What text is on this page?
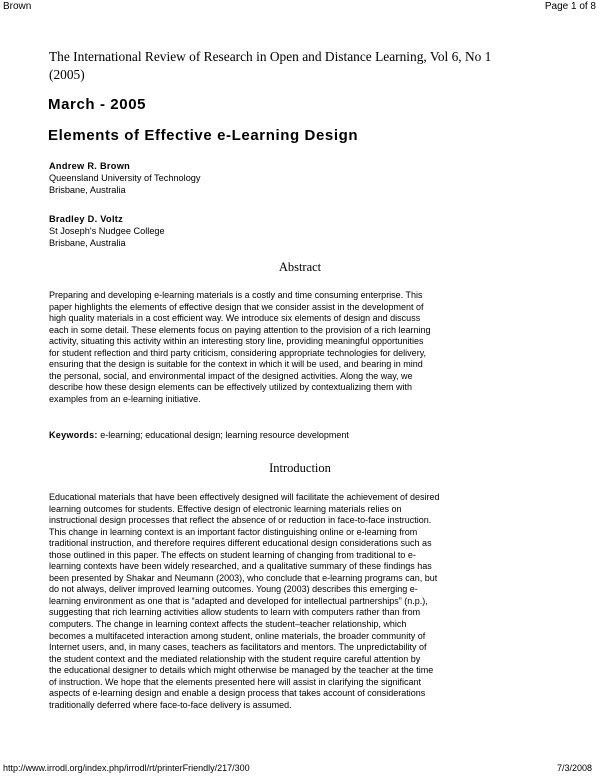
Brown	Page 1 of 8
The International Review of Research in Open and Distance Learning, Vol 6, No 1
(2005)
March - 2005
Elements of Effective e-Learning Design
Andrew R. Brown
Queensland University of Technology
Brisbane, Australia
Bradley D. Voltz
St Joseph's Nudgee College
Brisbane, Australia
Abstract
Preparing and developing e-learning materials is a costly and time consuming enterprise. This
paper highlights the elements of effective design that we consider assist in the development of
high quality materials in a cost efficient way. We introduce six elements of design and discuss
each in some detail. These elements focus on paying attention to the provision of a rich learning
activity, situating this activity within an interesting story line, providing meaningful opportunities
for student reflection and third party criticism, considering appropriate technologies for delivery,
ensuring that the design is suitable for the context in which it will be used, and bearing in mind
the personal, social, and environmental impact of the designed activities. Along the way, we
describe how these design elements can be effectively utilized by contextualizing them with
examples from an e-learning initiative.
Keywords: e-learning; educational design; learning resource development
Introduction
Educational materials that have been effectively designed will facilitate the achievement of desired
learning outcomes for students. Effective design of electronic learning materials relies on
instructional design processes that reflect the absence of or reduction in face-to-face instruction.
This change in learning context is an important factor distinguishing online or e-learning from
traditional instruction, and therefore requires different educational design considerations such as
those outlined in this paper. The effects on student learning of changing from traditional to e-
learning contexts have been widely researched, and a qualitative summary of these findings has
been presented by Shakar and Neumann (2003), who conclude that e-learning programs can, but
do not always, deliver improved learning outcomes. Young (2003) describes this emerging e-
learning environment as one that is “adapted and developed for intellectual partnerships” (n.p.),
suggesting that rich learning activities allow students to learn with computers rather than from
computers. The change in learning context affects the student–teacher relationship, which
becomes a multifaceted interaction among student, online materials, the broader community of
Internet users, and, in many cases, teachers as facilitators and mentors. The unpredictability of
the student context and the mediated relationship with the student require careful attention by
the educational designer to details which might otherwise be managed by the teacher at the time
of instruction. We hope that the elements presented here will assist in clarifying the significant
aspects of e-learning design and enable a design process that takes account of considerations
traditionally deferred where face-to-face delivery is assumed.
http://www.irrodl.org/index.php/irrodl/rt/printerFriendly/217/300	7/3/2008
